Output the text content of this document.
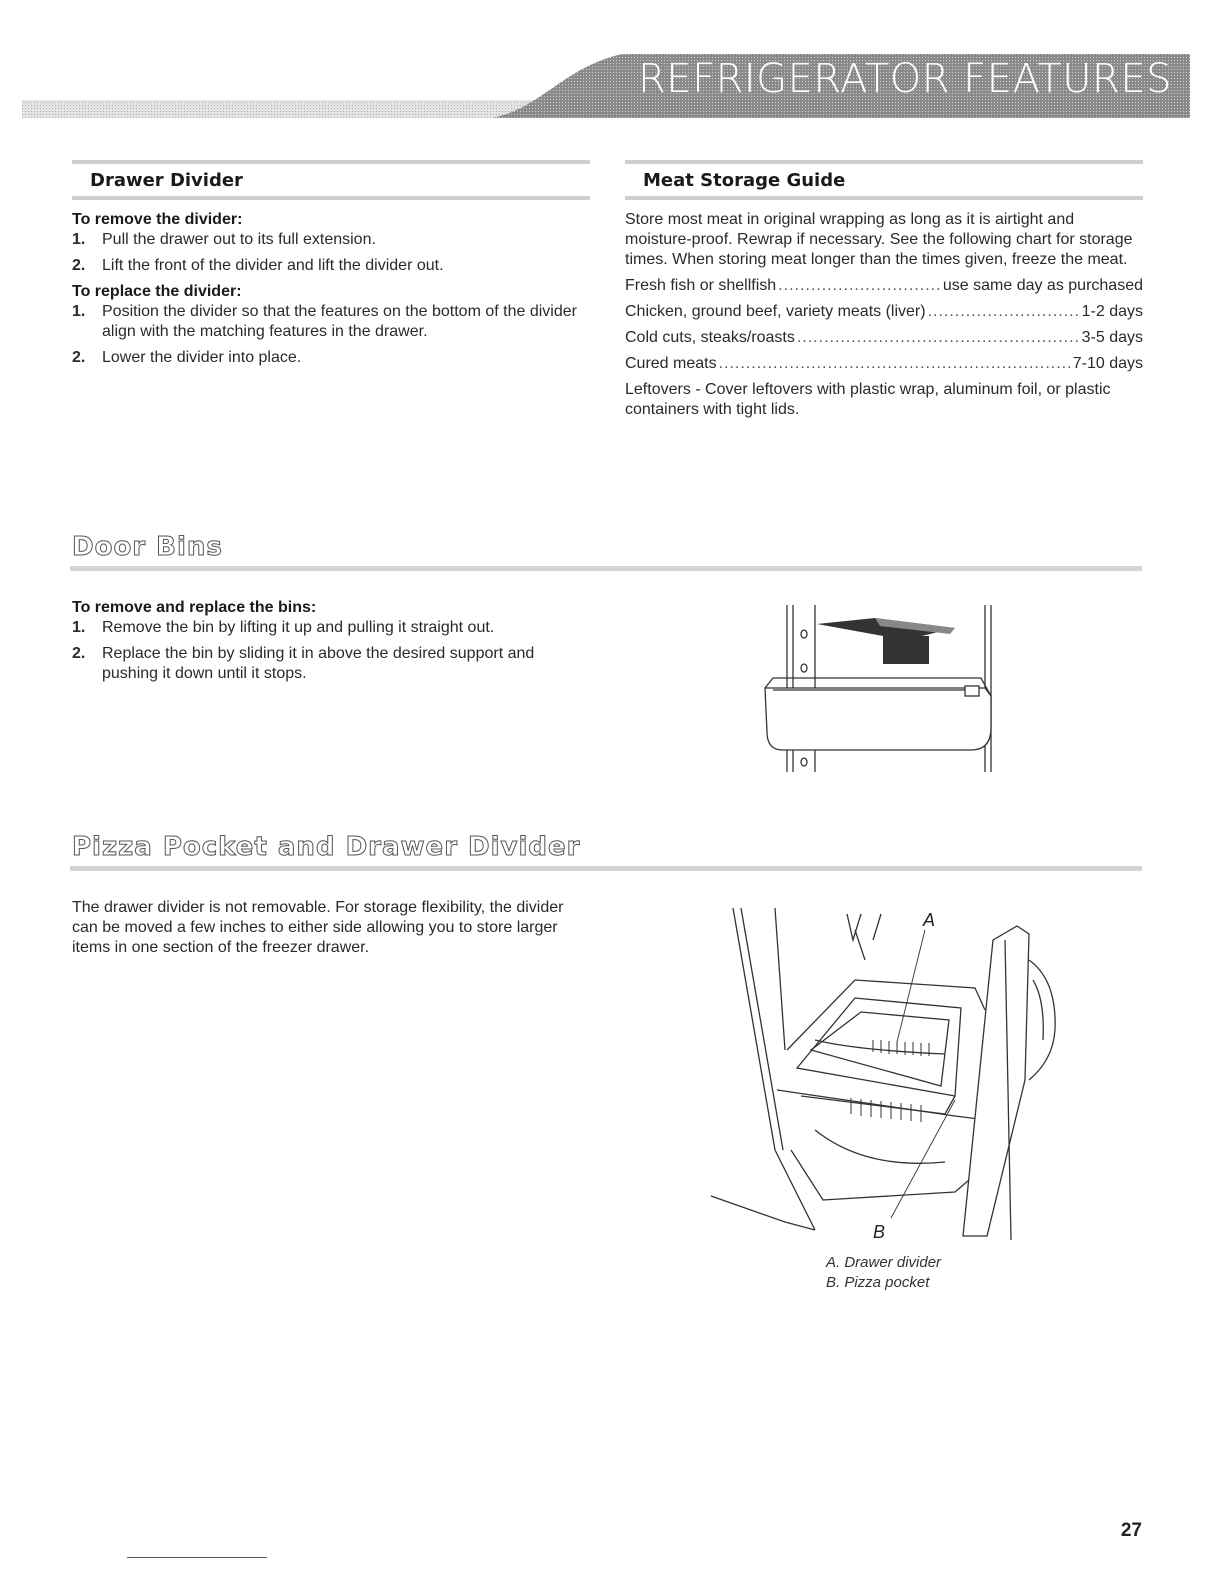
REFRIGERATOR FEATURES
Drawer Divider

To remove the divider:

1. Pull the drawer out to its full extension.
2. Lift the front of the divider and lift the divider out.

To replace the divider:

1. Position the divider so that the features on the bottom of the divider align with the matching features in the drawer.
2. Lower the divider into place.
Meat Storage Guide

Store most meat in original wrapping as long as it is airtight and moisture-proof. Rewrap if necessary. See the following chart for storage times. When storing meat longer than the times given, freeze the meat.

Fresh fish or shellfish .....	use same day as purchased
Chicken, ground beef, variety meats (liver) .....	1-2 days
Cold cuts, steaks/roasts .....	3-5 days
Cured meats .....	7-10 days

Leftovers - Cover leftovers with plastic wrap, aluminum foil, or plastic containers with tight lids.

Door Bins

To remove and replace the bins:

1. Remove the bin by lifting it up and pulling it straight out.
2. Replace the bin by sliding it in above the desired support and pushing it down until it stops.
Pizza Pocket and Drawer Divider

The drawer divider is not removable. For storage flexibility, the divider can be moved a few inches to either side allowing you to store larger items in one section of the freezer drawer.

A
B
A. Drawer divider
B. Pizza pocket
27
